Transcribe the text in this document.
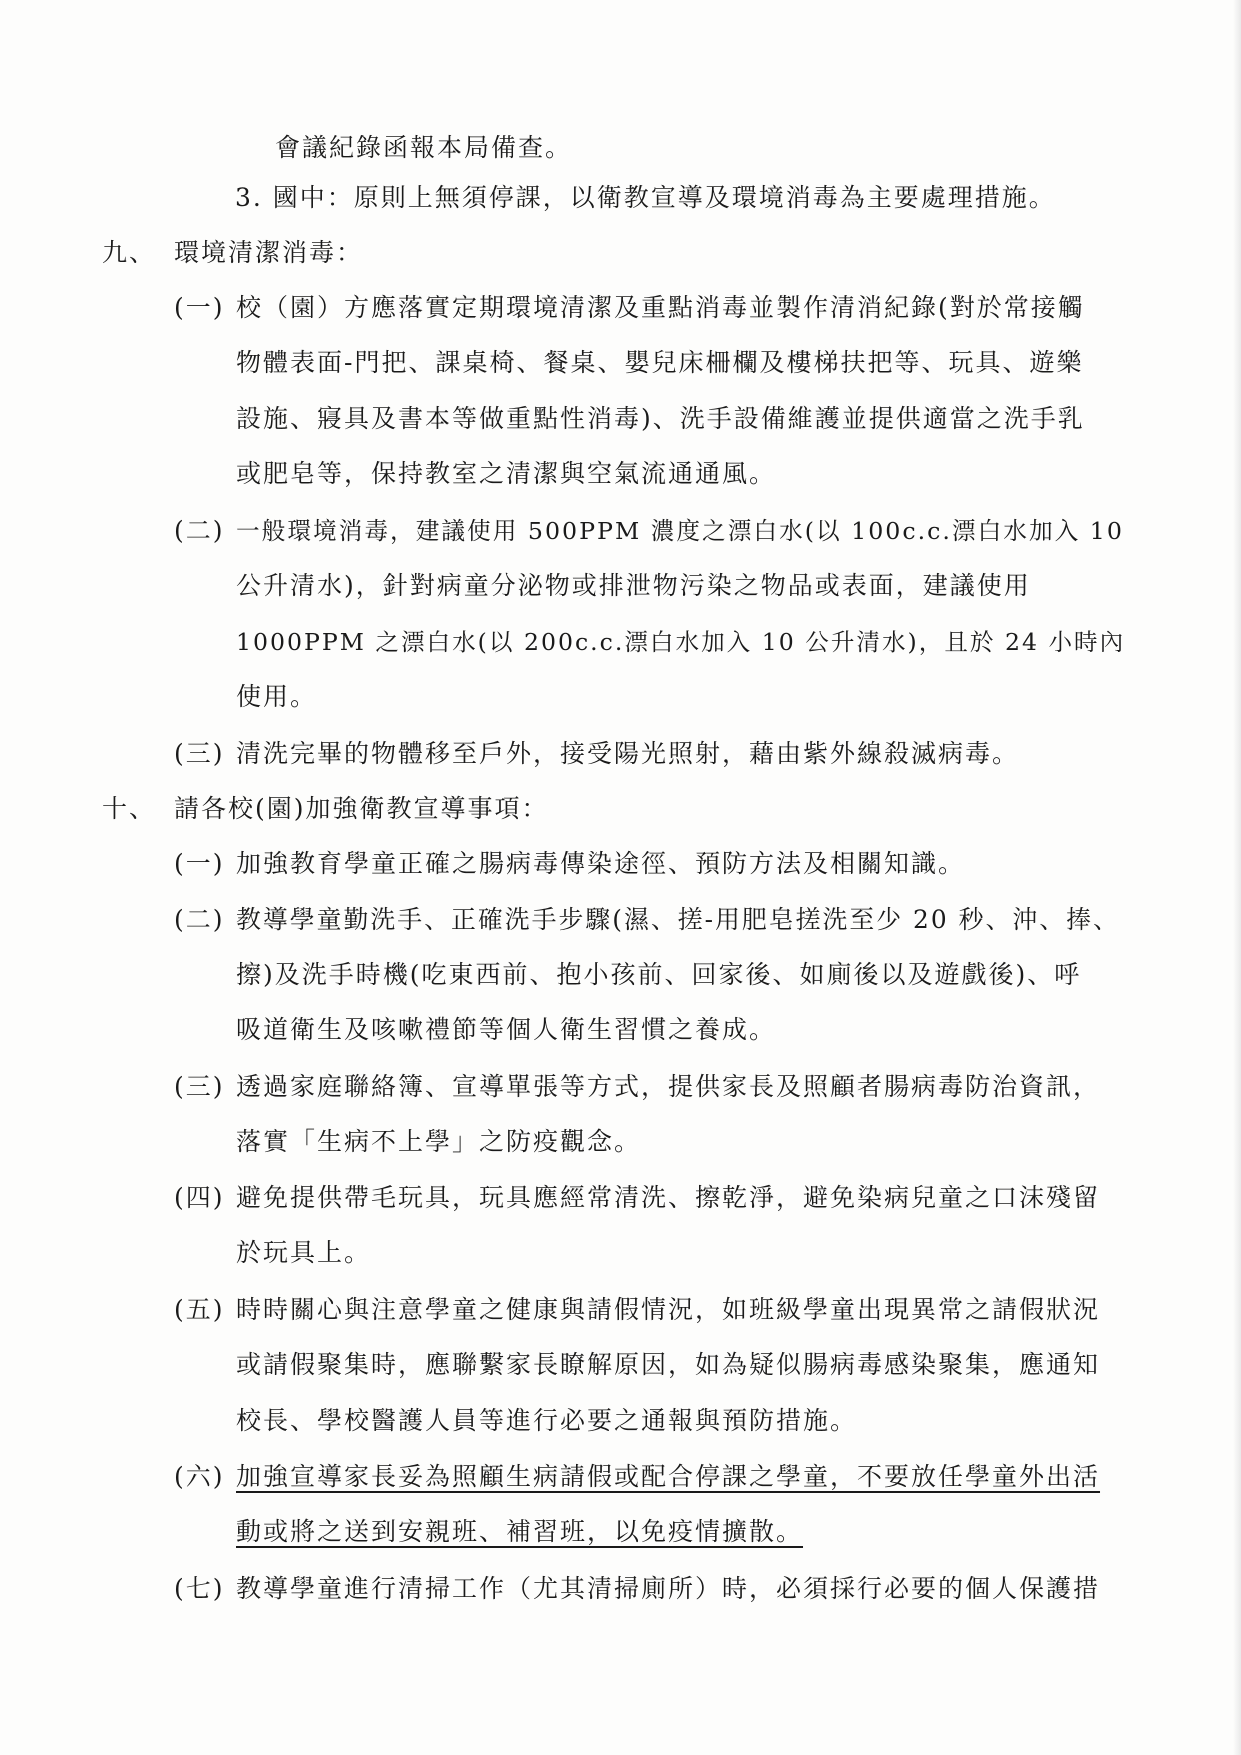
會議紀錄函報本局備查。
3. 國中：原則上無須停課，以衛教宣導及環境消毒為主要處理措施。
九、 環境清潔消毒：
(一) 校（園）方應落實定期環境清潔及重點消毒並製作清消紀錄(對於常接觸
物體表面-門把、課桌椅、餐桌、嬰兒床柵欄及樓梯扶把等、玩具、遊樂
設施、寢具及書本等做重點性消毒)、洗手設備維護並提供適當之洗手乳
或肥皂等，保持教室之清潔與空氣流通通風。
(二) 一般環境消毒，建議使用 500PPM 濃度之漂白水(以 100c.c.漂白水加入 10
公升清水)，針對病童分泌物或排泄物污染之物品或表面，建議使用
1000PPM 之漂白水(以 200c.c.漂白水加入 10 公升清水)，且於 24 小時內
使用。
(三) 清洗完畢的物體移至戶外，接受陽光照射，藉由紫外線殺滅病毒。
十、 請各校(園)加強衛教宣導事項：
(一) 加強教育學童正確之腸病毒傳染途徑、預防方法及相關知識。
(二) 教導學童勤洗手、正確洗手步驟(濕、搓-用肥皂搓洗至少 20 秒、沖、捧、
擦)及洗手時機(吃東西前、抱小孩前、回家後、如廁後以及遊戲後)、呼
吸道衛生及咳嗽禮節等個人衛生習慣之養成。
(三) 透過家庭聯絡簿、宣導單張等方式，提供家長及照顧者腸病毒防治資訊，
落實「生病不上學」之防疫觀念。
(四) 避免提供帶毛玩具，玩具應經常清洗、擦乾淨，避免染病兒童之口沫殘留
於玩具上。
(五) 時時關心與注意學童之健康與請假情況，如班級學童出現異常之請假狀況
或請假聚集時，應聯繫家長瞭解原因，如為疑似腸病毒感染聚集，應通知
校長、學校醫護人員等進行必要之通報與預防措施。
(六) 加強宣導家長妥為照顧生病請假或配合停課之學童，不要放任學童外出活
動或將之送到安親班、補習班，以免疫情擴散。
(七) 教導學童進行清掃工作（尤其清掃廁所）時，必須採行必要的個人保護措
